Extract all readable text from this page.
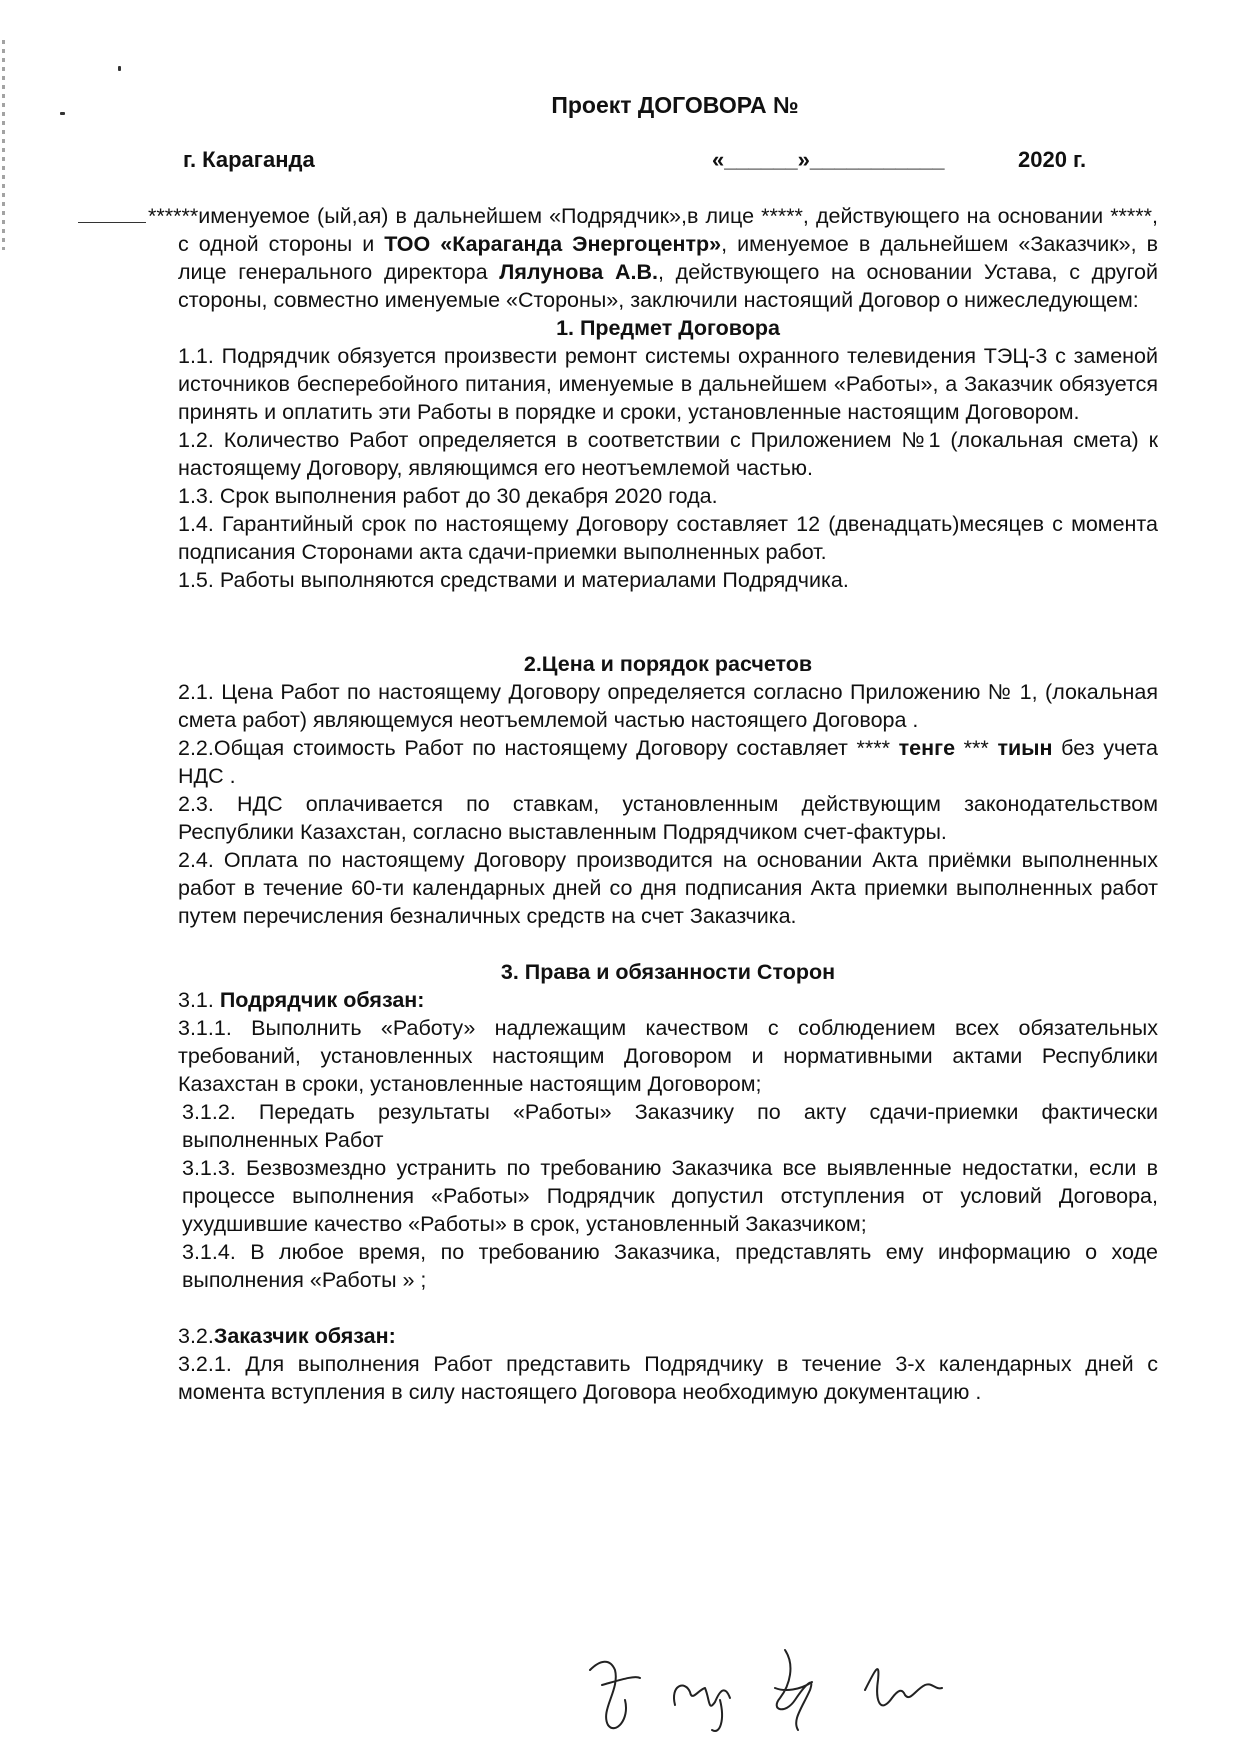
Проект ДОГОВОРА №
г. Караганда	«______»___________	2020 г.

******именуемое (ый,ая) в дальнейшем «Подрядчик»,в лице *****, действующего на основании *****, с одной стороны и ТОО «Караганда Энергоцентр», именуемое в дальнейшем «Заказчик», в лице генерального директора Лялунова А.В., действующего на основании Устава, с другой стороны, совместно именуемые «Стороны», заключили настоящий Договор о нижеследующем:

1. Предмет Договора

1.1. Подрядчик обязуется произвести ремонт системы охранного телевидения ТЭЦ-3 с заменой источников бесперебойного питания, именуемые в дальнейшем «Работы», а Заказчик обязуется принять и оплатить эти Работы в порядке и сроки, установленные настоящим Договором.

1.2. Количество Работ определяется в соответствии с Приложением №1 (локальная смета) к настоящему Договору, являющимся его неотъемлемой частью.

1.3. Срок выполнения работ до 30 декабря 2020 года.

1.4. Гарантийный срок по настоящему Договору составляет 12 (двенадцать)месяцев с момента подписания Сторонами акта сдачи-приемки выполненных работ.

1.5. Работы выполняются средствами и материалами Подрядчика.

2.Цена и порядок расчетов

2.1. Цена Работ по настоящему Договору определяется согласно Приложению № 1, (локальная смета работ) являющемуся неотъемлемой частью настоящего Договора .

2.2.Общая стоимость Работ по настоящему Договору составляет **** тенге *** тиын без учета НДС .

2.3. НДС оплачивается по ставкам, установленным действующим законодательством Республики Казахстан, согласно выставленным Подрядчиком счет-фактуры.

2.4. Оплата по настоящему Договору производится на основании Акта приёмки выполненных работ в течение 60-ти календарных дней со дня подписания Акта приемки выполненных работ путем перечисления безналичных средств на счет Заказчика.

3. Права и обязанности Сторон

3.1. Подрядчик обязан:

3.1.1. Выполнить «Работу» надлежащим качеством с соблюдением всех обязательных требований, установленных настоящим Договором и нормативными актами Республики Казахстан в сроки, установленные настоящим Договором;

3.1.2. Передать результаты «Работы» Заказчику по акту сдачи-приемки фактически выполненных Работ

3.1.3. Безвозмездно устранить по требованию Заказчика все выявленные недостатки, если в процессе выполнения «Работы» Подрядчик допустил отступления от условий Договора, ухудшившие качество «Работы» в срок, установленный Заказчиком;

3.1.4. В любое время, по требованию Заказчика, представлять ему информацию о ходе выполнения «Работы » ;

3.2.Заказчик обязан:

3.2.1. Для выполнения Работ представить Подрядчику в течение 3-х календарных дней с момента вступления в силу настоящего Договора необходимую документацию .
